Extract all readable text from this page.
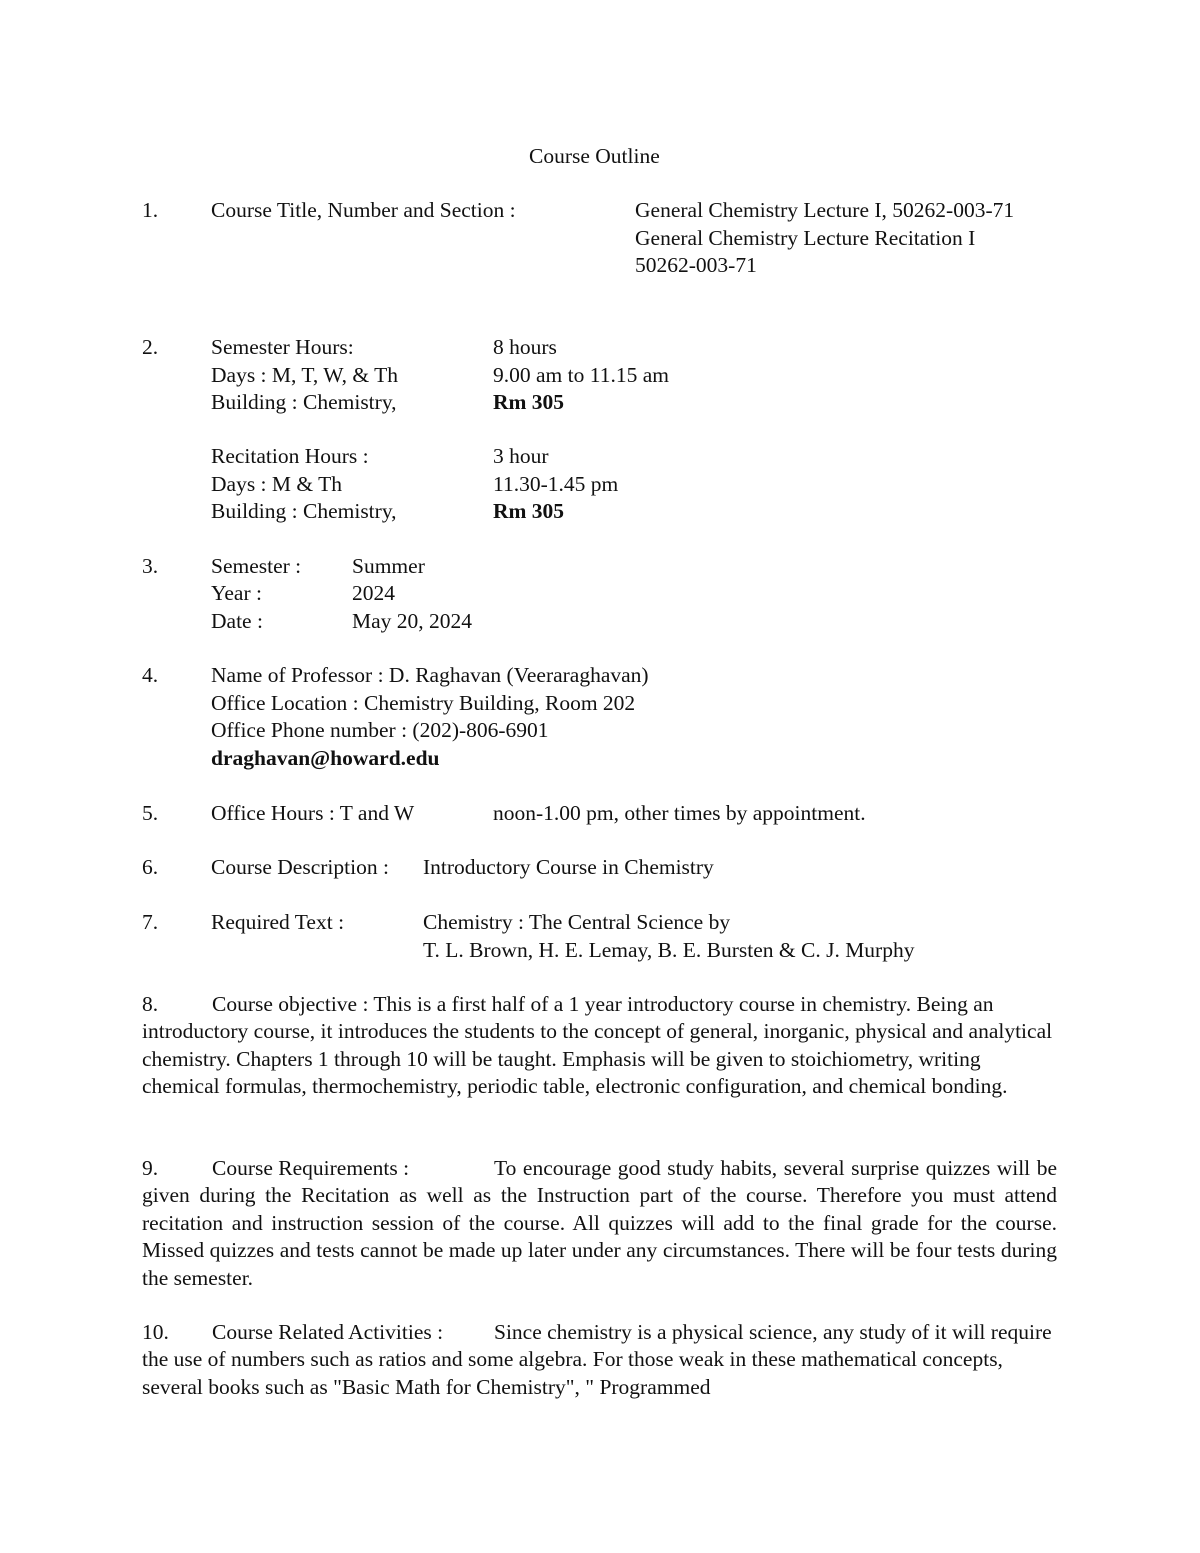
Course Outline
1. Course Title, Number and Section :	General Chemistry Lecture I, 50262-003-71
General Chemistry Lecture Recitation I
50262-003-71
2. Semester Hours:	8 hours
Days : M, T, W, & Th	9.00 am to 11.15 am
Building : Chemistry,	Rm 305
Recitation Hours :	3 hour
Days : M & Th	11.30-1.45 pm
Building : Chemistry,	Rm 305
3. Semester : Summer
Year :	2024
Date :	May 20, 2024
4. Name of Professor : D. Raghavan (Veeraraghavan)
Office Location : Chemistry Building, Room 202
Office Phone number : (202)-806-6901
draghavan@howard.edu
5. Office Hours : T and W	noon-1.00 pm, other times by appointment.
6. Course Description : Introductory Course in Chemistry
7. Required Text :	Chemistry : The Central Science by
T. L. Brown, H. E. Lemay, B. E. Bursten & C. J. Murphy
8.	Course objective : This is a first half of a 1 year introductory course in chemistry. Being an introductory course, it introduces the students to the concept of general, inorganic, physical and analytical chemistry. Chapters 1 through 10 will be taught. Emphasis will be given to stoichiometry, writing chemical formulas, thermochemistry, periodic table, electronic configuration, and chemical bonding.
9.	Course Requirements :	To encourage good study habits, several surprise quizzes will be given during the Recitation as well as the Instruction part of the course. Therefore you must attend recitation and instruction session of the course. All quizzes will add to the final grade for the course. Missed quizzes and tests cannot be made up later under any circumstances. There will be four tests during the semester.
10. Course Related Activities : Since chemistry is a physical science, any study of it will require the use of numbers such as ratios and some algebra. For those weak in these mathematical concepts, several books such as "Basic Math for Chemistry", " Programmed
